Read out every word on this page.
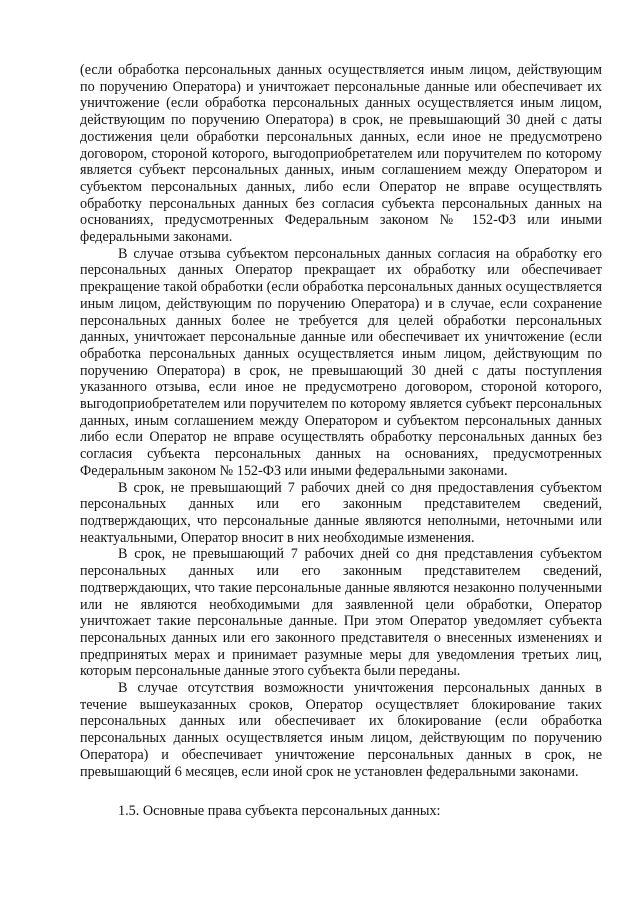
(если обработка персональных данных осуществляется иным лицом, действующим по поручению Оператора) и уничтожает персональные данные или обеспечивает их уничтожение (если обработка персональных данных осуществляется иным лицом, действующим по поручению Оператора) в срок, не превышающий 30 дней с даты достижения цели обработки персональных данных, если иное не предусмотрено договором, стороной которого, выгодоприобретателем или поручителем по которому является субъект персональных данных, иным соглашением между Оператором и субъектом персональных данных, либо если Оператор не вправе осуществлять обработку персональных данных без согласия субъекта персональных данных на основаниях, предусмотренных Федеральным законом № 152-ФЗ или иными федеральными законами.

В случае отзыва субъектом персональных данных согласия на обработку его персональных данных Оператор прекращает их обработку или обеспечивает прекращение такой обработки (если обработка персональных данных осуществляется иным лицом, действующим по поручению Оператора) и в случае, если сохранение персональных данных более не требуется для целей обработки персональных данных, уничтожает персональные данные или обеспечивает их уничтожение (если обработка персональных данных осуществляется иным лицом, действующим по поручению Оператора) в срок, не превышающий 30 дней с даты поступления указанного отзыва, если иное не предусмотрено договором, стороной которого, выгодоприобретателем или поручителем по которому является субъект персональных данных, иным соглашением между Оператором и субъектом персональных данных либо если Оператор не вправе осуществлять обработку персональных данных без согласия субъекта персональных данных на основаниях, предусмотренных Федеральным законом № 152-ФЗ или иными федеральными законами.

В срок, не превышающий 7 рабочих дней со дня предоставления субъектом персональных данных или его законным представителем сведений, подтверждающих, что персональные данные являются неполными, неточными или неактуальными, Оператор вносит в них необходимые изменения.

В срок, не превышающий 7 рабочих дней со дня представления субъектом персональных данных или его законным представителем сведений, подтверждающих, что такие персональные данные являются незаконно полученными или не являются необходимыми для заявленной цели обработки, Оператор уничтожает такие персональные данные. При этом Оператор уведомляет субъекта персональных данных или его законного представителя о внесенных изменениях и предпринятых мерах и принимает разумные меры для уведомления третьих лиц, которым персональные данные этого субъекта были переданы.

В случае отсутствия возможности уничтожения персональных данных в течение вышеуказанных сроков, Оператор осуществляет блокирование таких персональных данных или обеспечивает их блокирование (если обработка персональных данных осуществляется иным лицом, действующим по поручению Оператора) и обеспечивает уничтожение персональных данных в срок, не превышающий 6 месяцев, если иной срок не установлен федеральными законами.

1.5. Основные права субъекта персональных данных:
